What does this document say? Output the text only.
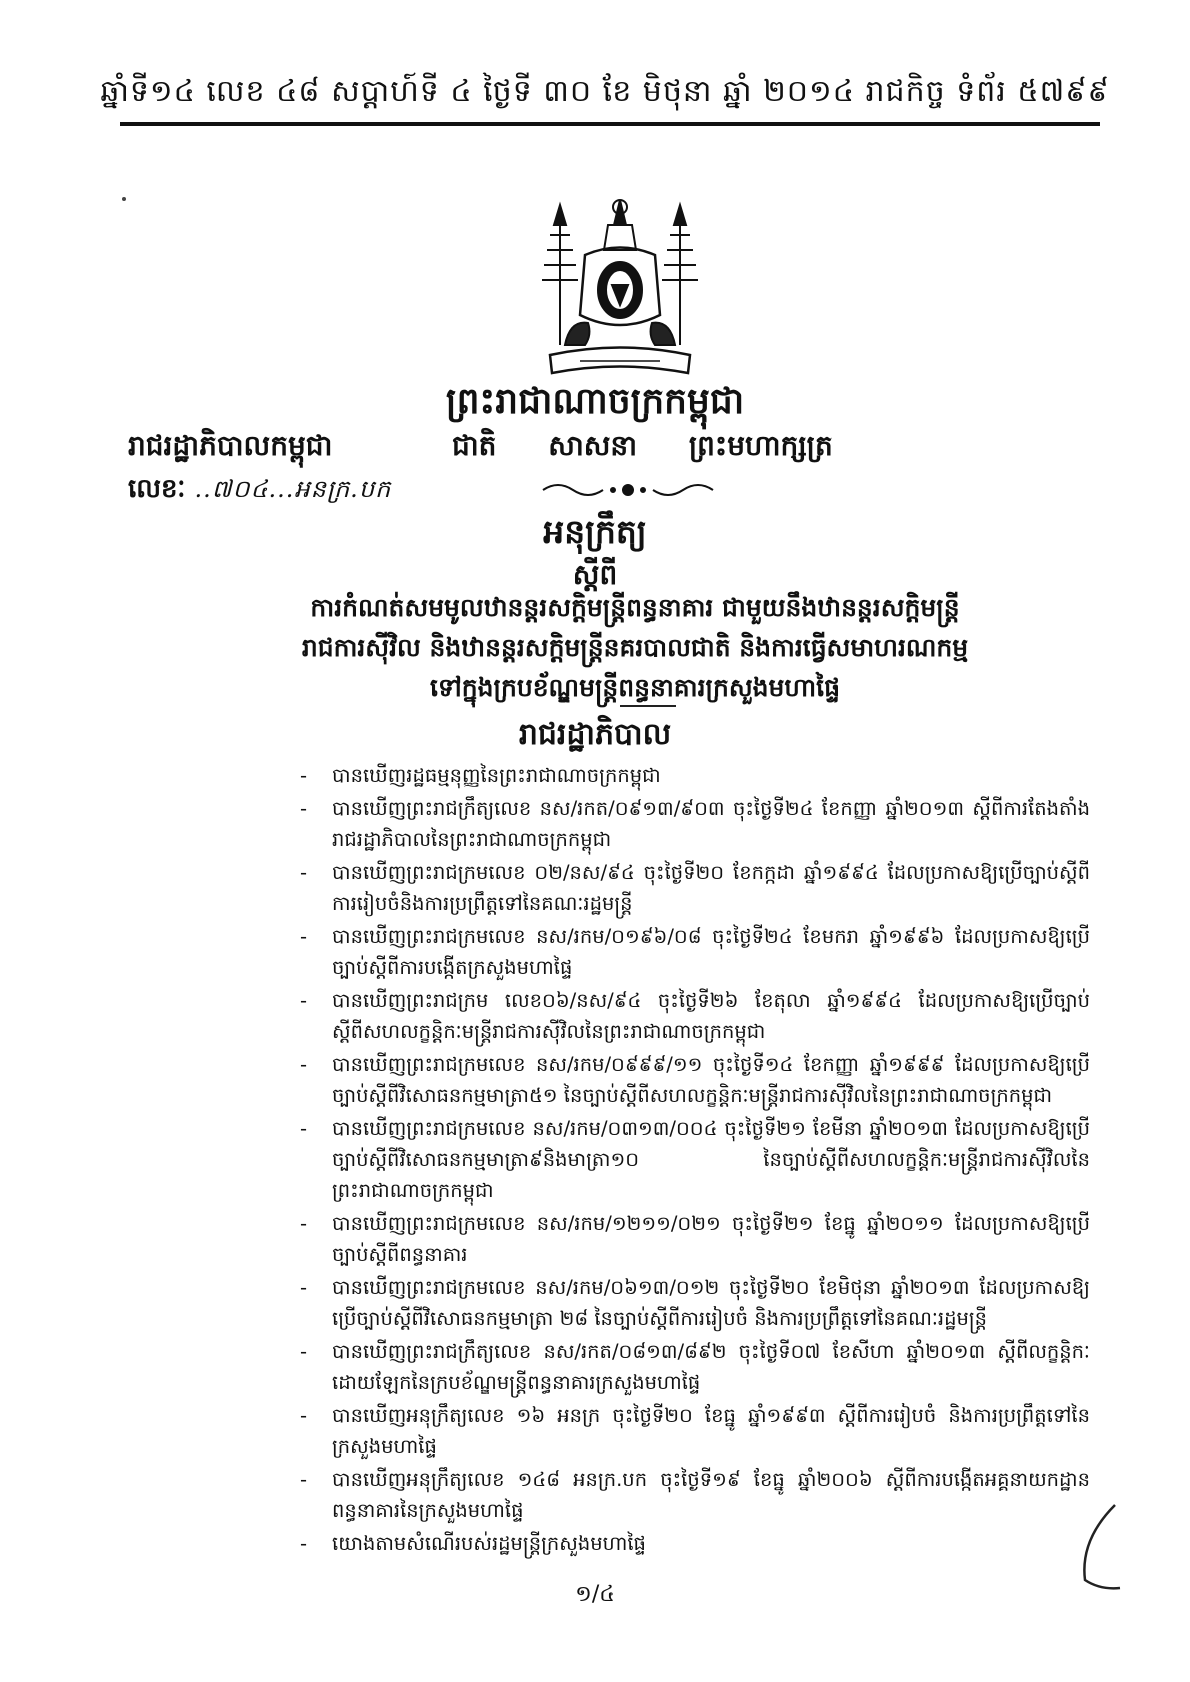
ឆ្នាំទី១៤ លេខ ៤៨ សប្ដាហ៍ទី ៤ ថ្ងៃទី ៣០ ខែ មិថុនា ឆ្នាំ ២០១៤ រាជកិច្ច ទំព័រ ៥៧៩៩
ព្រះរាជាណាចក្រកម្ពុជា
រាជរដ្ឋាភិបាលកម្ពុជា	ជាតិ សាសនា ព្រះមហាក្សត្រ
លេខៈ ..៧០៤...អនក្រ.បក
អនុក្រឹត្យ
ស្ដីពី
ការកំណត់សមមូលឋានន្តរសក្តិមន្ត្រីពន្ធនាគារ ជាមួយនឹងឋានន្តរសក្តិមន្ត្រី
រាជការស៊ីវិល និងឋានន្តរសក្តិមន្ត្រីនគរបាលជាតិ និងការធ្វើសមាហរណកម្ម
ទៅក្នុងក្របខ័ណ្ឌមន្ត្រីពន្ធនាគារក្រសួងមហាផ្ទៃ
រាជរដ្ឋាភិបាល
- បានឃើញរដ្ឋធម្មនុញ្ញនៃព្រះរាជាណាចក្រកម្ពុជា
- បានឃើញព្រះរាជក្រឹត្យលេខ នស/រកត/០៩១៣/៩០៣ ចុះថ្ងៃទី២៤ ខែកញ្ញា ឆ្នាំ២០១៣ ស្ដីពីការតែងតាំងរាជរដ្ឋាភិបាលនៃព្រះរាជាណាចក្រកម្ពុជា
- បានឃើញព្រះរាជក្រមលេខ ០២/នស/៩៤ ចុះថ្ងៃទី២០ ខែកក្កដា ឆ្នាំ១៩៩៤ ដែលប្រកាសឱ្យប្រើច្បាប់ស្ដីពីការរៀបចំនិងការប្រព្រឹត្តទៅនៃគណៈរដ្ឋមន្ត្រី
- បានឃើញព្រះរាជក្រមលេខ នស/រកម/០១៩៦/០៨ ចុះថ្ងៃទី២៤ ខែមករា ឆ្នាំ១៩៩៦ ដែលប្រកាសឱ្យប្រើច្បាប់ស្ដីពីការបង្កើតក្រសួងមហាផ្ទៃ
- បានឃើញព្រះរាជក្រម លេខ០៦/នស/៩៤ ចុះថ្ងៃទី២៦ ខែតុលា ឆ្នាំ១៩៩៤ ដែលប្រកាសឱ្យប្រើច្បាប់ស្ដីពីសហលក្ខន្តិកៈមន្ត្រីរាជការស៊ីវិលនៃព្រះរាជាណាចក្រកម្ពុជា
- បានឃើញព្រះរាជក្រមលេខ នស/រកម/០៩៩៩/១១ ចុះថ្ងៃទី១៤ ខែកញ្ញា ឆ្នាំ១៩៩៩ ដែលប្រកាសឱ្យប្រើច្បាប់ស្ដីពីវិសោធនកម្មមាត្រា៥១ នៃច្បាប់ស្ដីពីសហលក្ខន្តិកៈមន្ត្រីរាជការស៊ីវិលនៃព្រះរាជាណាចក្រកម្ពុជា
- បានឃើញព្រះរាជក្រមលេខ នស/រកម/០៣១៣/០០៤ ចុះថ្ងៃទី២១ ខែមីនា ឆ្នាំ២០១៣ ដែលប្រកាសឱ្យប្រើច្បាប់ស្ដីពីវិសោធនកម្មមាត្រា៩និងមាត្រា១០ នៃច្បាប់ស្ដីពីសហលក្ខន្តិកៈមន្ត្រីរាជការស៊ីវិលនៃព្រះរាជាណាចក្រកម្ពុជា
- បានឃើញព្រះរាជក្រមលេខ នស/រកម/១២១១/០២១ ចុះថ្ងៃទី២១ ខែធ្នូ ឆ្នាំ២០១១ ដែលប្រកាសឱ្យប្រើច្បាប់ស្ដីពីពន្ធនាគារ
- បានឃើញព្រះរាជក្រមលេខ នស/រកម/០៦១៣/០១២ ចុះថ្ងៃទី២០ ខែមិថុនា ឆ្នាំ២០១៣ ដែលប្រកាសឱ្យប្រើច្បាប់ស្ដីពីវិសោធនកម្មមាត្រា ២៨ នៃច្បាប់ស្ដីពីការរៀបចំ និងការប្រព្រឹត្តទៅនៃគណៈរដ្ឋមន្ត្រី
- បានឃើញព្រះរាជក្រឹត្យលេខ នស/រកត/០៨១៣/៨៩២ ចុះថ្ងៃទី០៧ ខែសីហា ឆ្នាំ២០១៣ ស្ដីពីលក្ខន្តិកៈដោយឡែកនៃក្របខ័ណ្ឌមន្ត្រីពន្ធនាគារក្រសួងមហាផ្ទៃ
- បានឃើញអនុក្រឹត្យលេខ ១៦ អនក្រ ចុះថ្ងៃទី២០ ខែធ្នូ ឆ្នាំ១៩៩៣ ស្ដីពីការរៀបចំ និងការប្រព្រឹត្តទៅនៃក្រសួងមហាផ្ទៃ
- បានឃើញអនុក្រឹត្យលេខ ១៤៨ អនក្រ.បក ចុះថ្ងៃទី១៩ ខែធ្នូ ឆ្នាំ២០០៦ ស្ដីពីការបង្កើតអគ្គនាយកដ្ឋានពន្ធនាគារនៃក្រសួងមហាផ្ទៃ
- យោងតាមសំណើរបស់រដ្ឋមន្ត្រីក្រសួងមហាផ្ទៃ
១/៤
